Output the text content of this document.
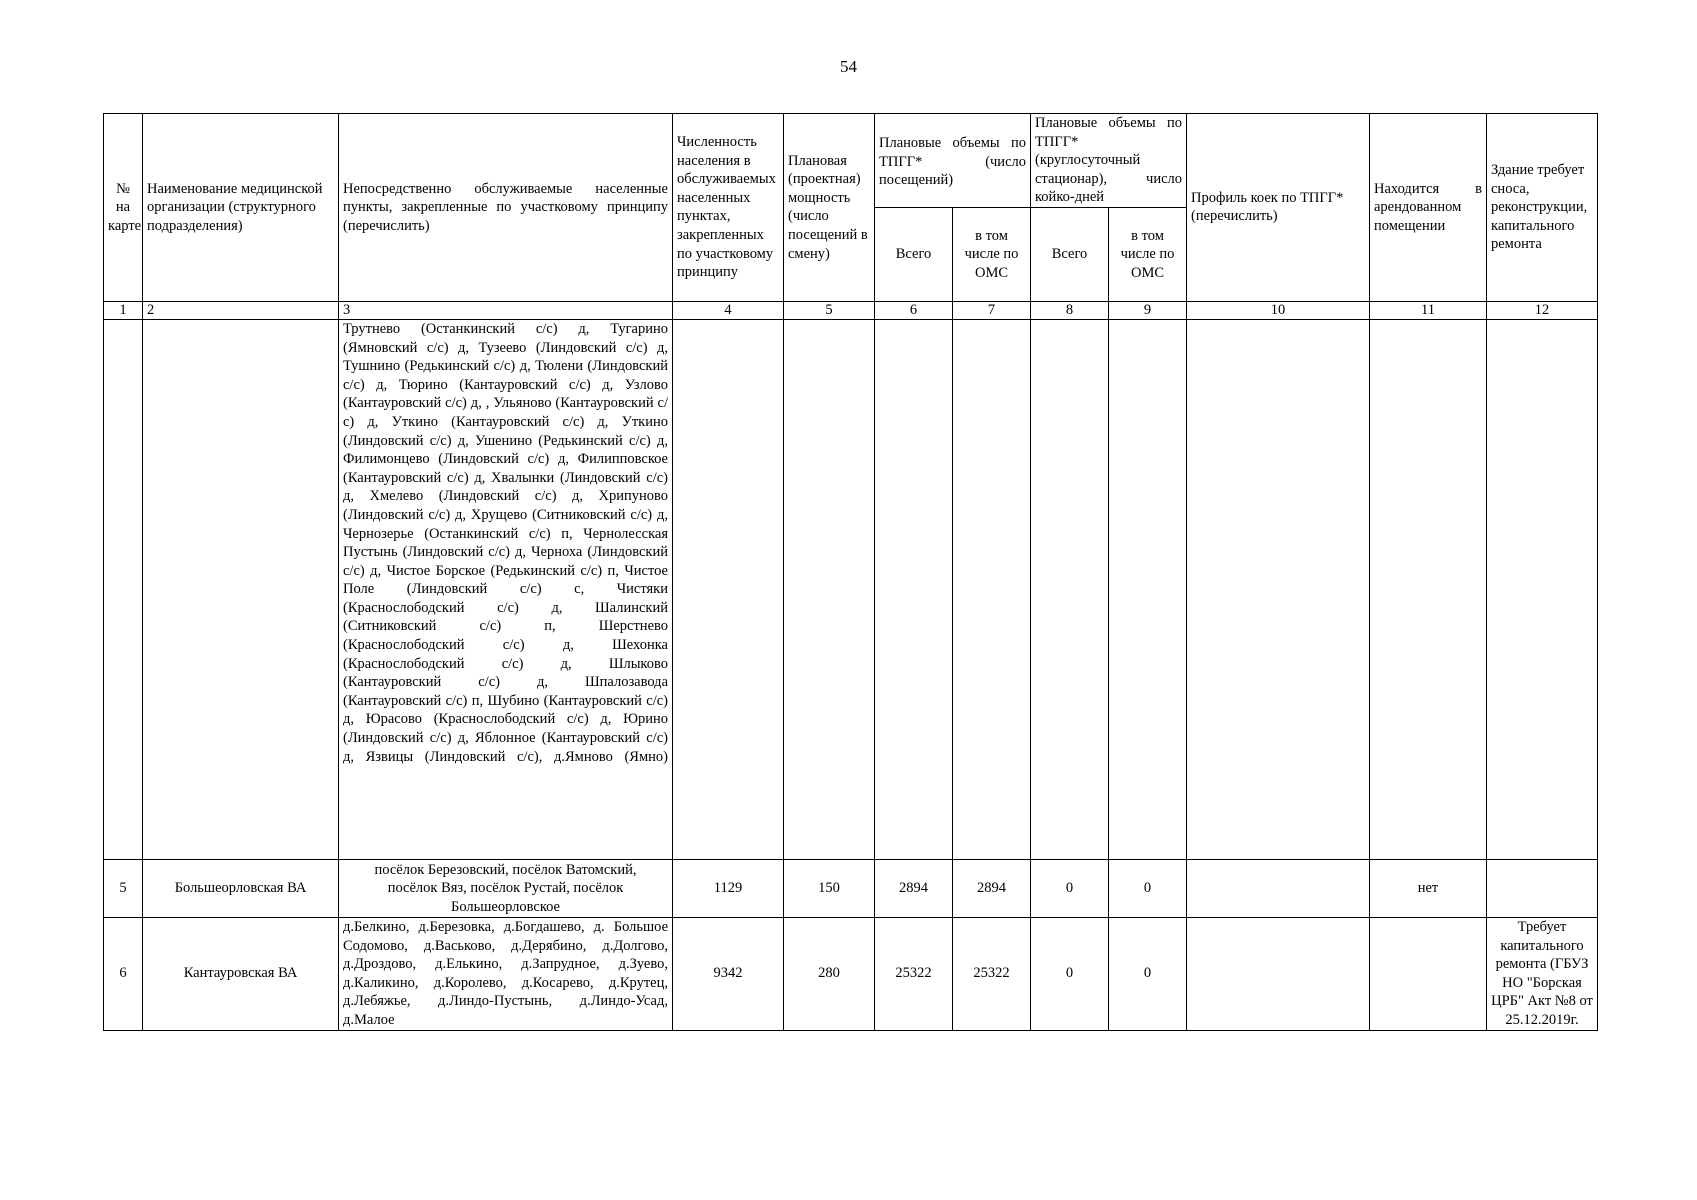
54
№ на карте	Наименование медицинской организации (структурного подразделения)	Непосредственно обслуживаемые населенные пункты, закрепленные по участковому принципу (перечислить)	Численность населения в обслуживаемых населенных пунктах, закрепленных по участковому принципу	Плановая (проектная) мощность (число посещений в смену)	Плановые объемы по ТПГГ* (число посещений)		Плановые объемы по ТПГГ* (круглосуточный стационар), число койко-дней		Профиль коек по ТПГГ* (перечислить)	Находится в арендованном помещении	Здание требует сноса, реконструкции, капитального ремонта
					Всего	в том числе по ОМС	Всего	в том числе по ОМС			
1	2	3	4	5	6	7	8	9	10	11	12
		Трутнево (Останкинский с/с) д, Тугарино (Ямновский с/с) д, Тузеево (Линдовский с/с) д, Тушнино (Редькинский с/с) д, Тюлени (Линдовский с/с) д, Тюрино (Кантауровский с/с) д, Узлово (Кантауровский с/с) д, , Ульяново (Кантауровский с/с) д, Уткино (Кантауровский с/с) д, Уткино (Линдовский с/с) д, Ушенино (Редькинский с/с) д, Филимонцево (Линдовский с/с) д, Филипповское (Кантауровский с/с) д, Хвалынки (Линдовский с/с) д, Хмелево (Линдовский с/с) д, Хрипуново (Линдовский с/с) д, Хрущево (Ситниковский с/с) д, Чернозерье (Останкинский с/с) п, Чернолесская Пустынь (Линдовский с/с) д, Черноха (Линдовский с/с) д, Чистое Борское (Редькинский с/с) п, Чистое Поле (Линдовский с/с) с, Чистяки (Краснослободский с/с) д, Шалинский (Ситниковский с/с) п, Шерстнево (Краснослободский с/с) д, Шехонка (Краснослободский с/с) д, Шлыково (Кантауровский с/с) д, Шпалозавода (Кантауровский с/с) п, Шубино (Кантауровский с/с) д, Юрасово (Краснослободский с/с) д, Юрино (Линдовский с/с) д, Яблонное (Кантауровский с/с) д, Язвицы (Линдовский с/с), д.Ямново (Ямно)									
5	Большеорловская ВА	посёлок Березовский, посёлок Ватомский, посёлок Вяз, посёлок Рустай, посёлок Большеорловское	1129	150	2894	2894	0	0		нет	
6	Кантауровская ВА	д.Белкино, д.Березовка, д.Богдашево, д. Большое Содомово, д.Васьково, д.Дерябино, д.Долгово, д.Дроздово, д.Елькино, д.Запрудное, д.Зуево, д.Каликино, д.Королево, д.Косарево, д.Крутец, д.Лебяжье, д.Линдо-Пустынь, д.Линдо-Усад, д.Малое	9342	280	25322	25322	0	0			Требует капитального ремонта (ГБУЗ НО "Борская ЦРБ" Акт №8 от 25.12.2019г.
